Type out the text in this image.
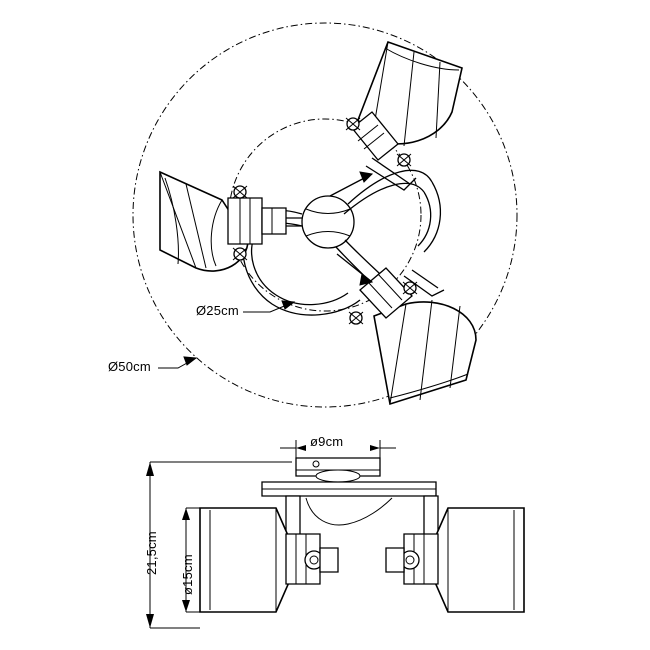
Ø25cm
Ø50cm
ø9cm
21,5cm ø15cm
